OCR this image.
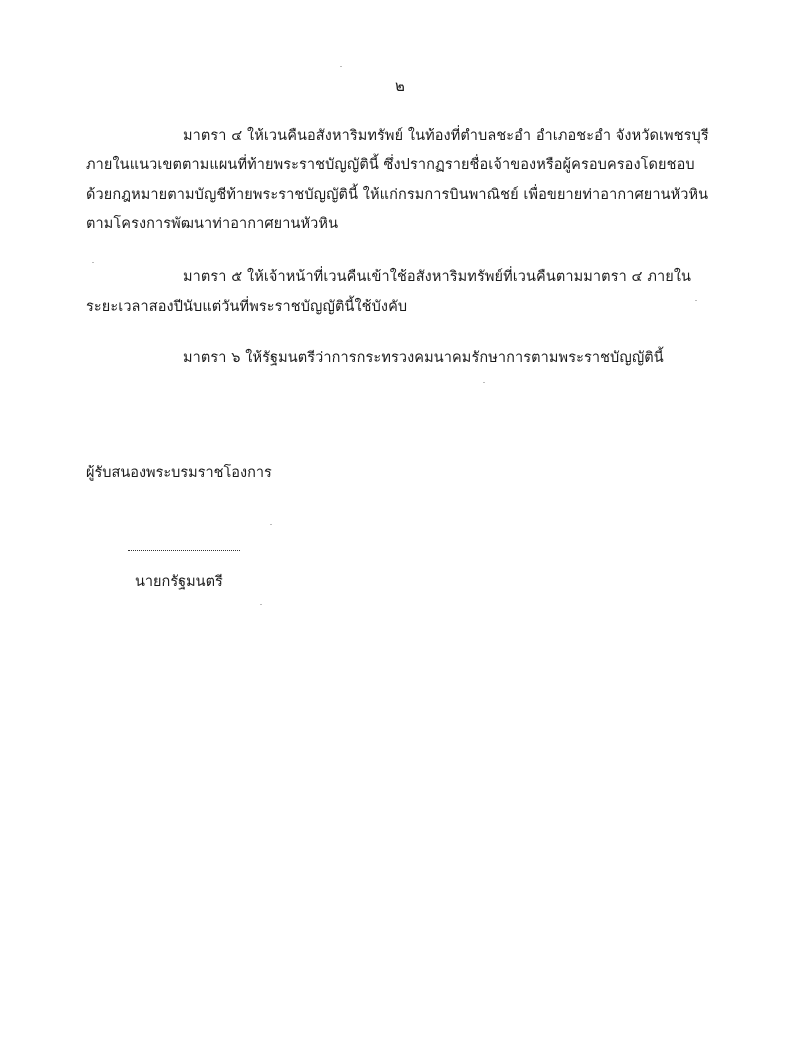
๒
มาตรา ๔ ให้เวนคืนอสังหาริมทรัพย์ ในท้องที่ตำบลชะอำ อำเภอชะอำ จังหวัดเพชรบุรี
ภายในแนวเขตตามแผนที่ท้ายพระราชบัญญัตินี้ ซึ่งปรากฏรายชื่อเจ้าของหรือผู้ครอบครองโดยชอบ
ด้วยกฎหมายตามบัญชีท้ายพระราชบัญญัตินี้ ให้แก่กรมการบินพาณิชย์ เพื่อขยายท่าอากาศยานหัวหิน
ตามโครงการพัฒนาท่าอากาศยานหัวหิน
มาตรา ๕ ให้เจ้าหน้าที่เวนคืนเข้าใช้อสังหาริมทรัพย์ที่เวนคืนตามมาตรา ๔ ภายใน
ระยะเวลาสองปีนับแต่วันที่พระราชบัญญัตินี้ใช้บังคับ
มาตรา ๖ ให้รัฐมนตรีว่าการกระทรวงคมนาคมรักษาการตามพระราชบัญญัตินี้
ผู้รับสนองพระบรมราชโองการ
นายกรัฐมนตรี
